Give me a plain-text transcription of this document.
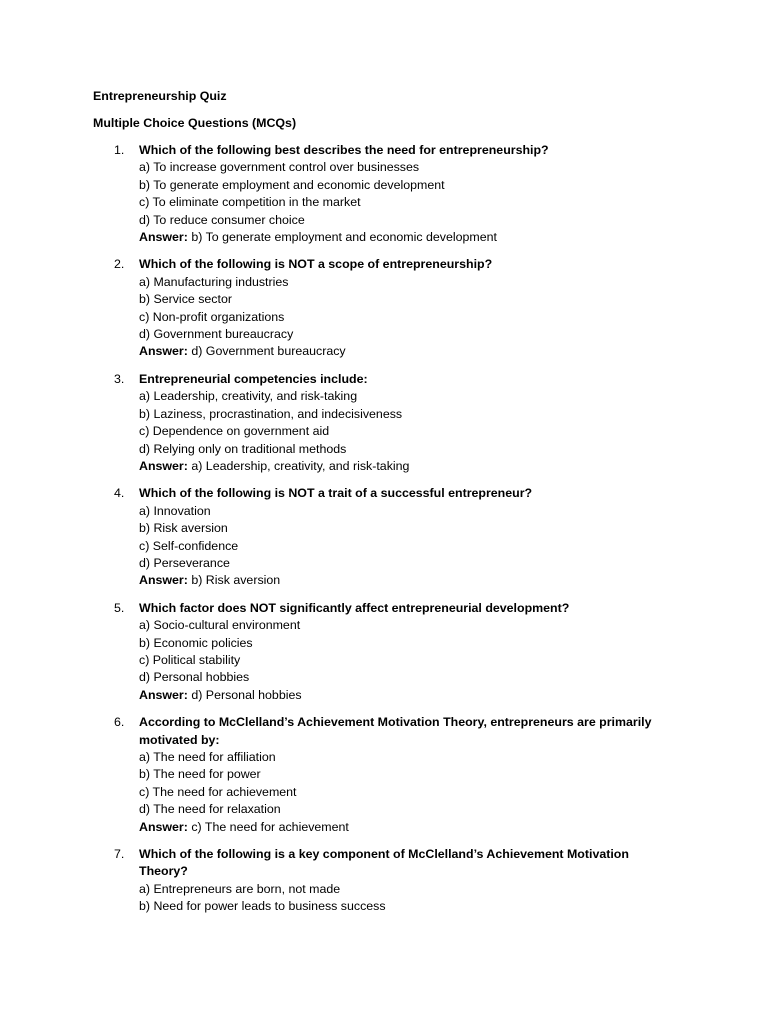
Entrepreneurship Quiz

Multiple Choice Questions (MCQs)

1. Which of the following best describes the need for entrepreneurship?
a) To increase government control over businesses
b) To generate employment and economic development
c) To eliminate competition in the market
d) To reduce consumer choice
Answer: b) To generate employment and economic development
2. Which of the following is NOT a scope of entrepreneurship?
a) Manufacturing industries
b) Service sector
c) Non-profit organizations
d) Government bureaucracy
Answer: d) Government bureaucracy
3. Entrepreneurial competencies include:
a) Leadership, creativity, and risk-taking
b) Laziness, procrastination, and indecisiveness
c) Dependence on government aid
d) Relying only on traditional methods
Answer: a) Leadership, creativity, and risk-taking
4. Which of the following is NOT a trait of a successful entrepreneur?
a) Innovation
b) Risk aversion
c) Self-confidence
d) Perseverance
Answer: b) Risk aversion
5. Which factor does NOT significantly affect entrepreneurial development?
a) Socio-cultural environment
b) Economic policies
c) Political stability
d) Personal hobbies
Answer: d) Personal hobbies
6. According to McClelland’s Achievement Motivation Theory, entrepreneurs are primarily motivated by:
a) The need for affiliation
b) The need for power
c) The need for achievement
d) The need for relaxation
Answer: c) The need for achievement
7. Which of the following is a key component of McClelland’s Achievement Motivation Theory?
a) Entrepreneurs are born, not made
b) Need for power leads to business success
